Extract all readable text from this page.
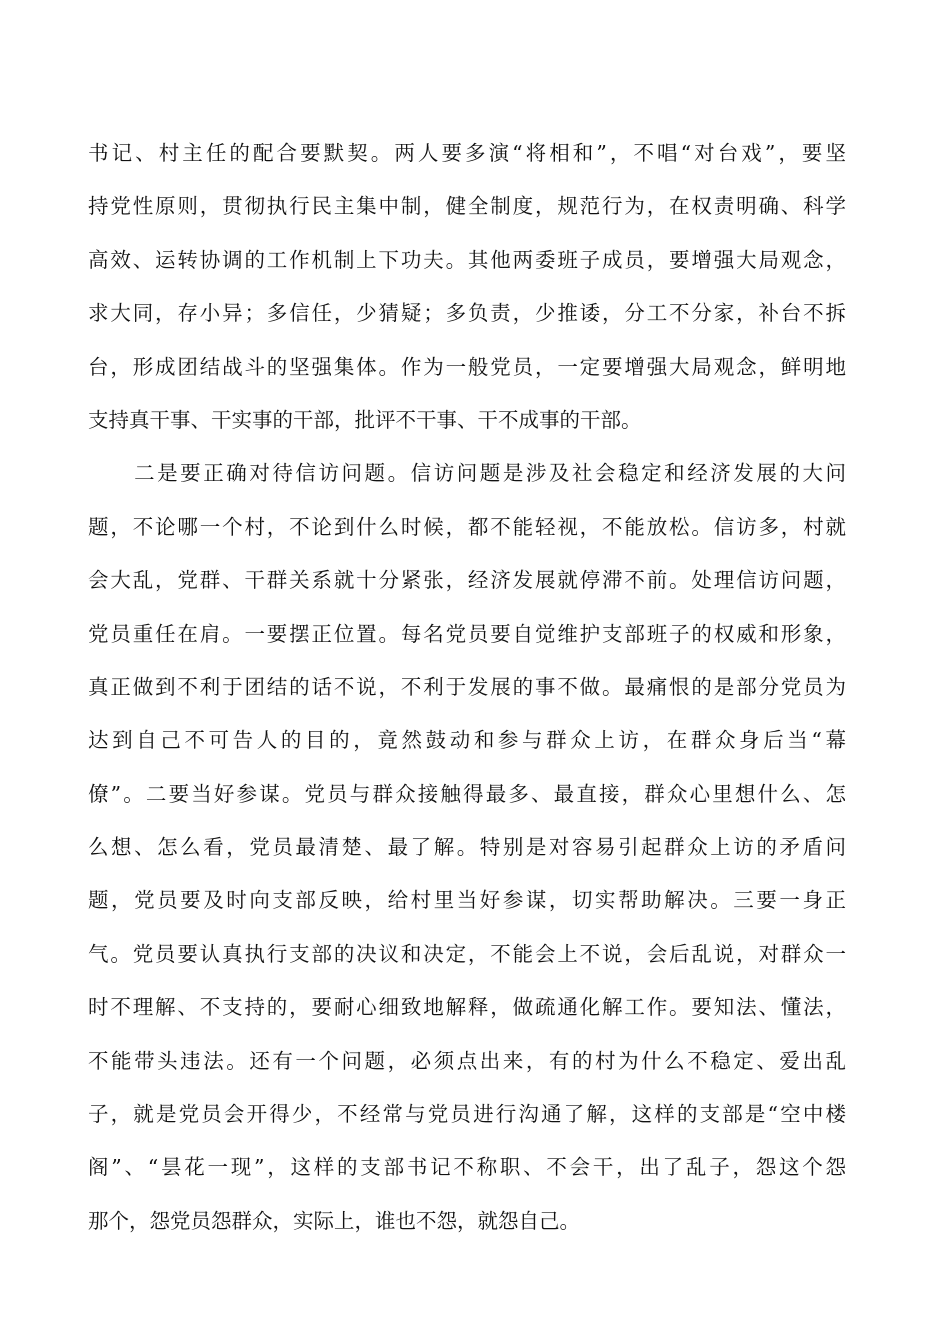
书记、村主任的配合要默契。两人要多演“将相和”，不唱“对台戏”，要坚
持党性原则，贯彻执行民主集中制，健全制度，规范行为，在权责明确、科学
高效、运转协调的工作机制上下功夫。其他两委班子成员，要增强大局观念，
求大同，存小异；多信任，少猜疑；多负责，少推诿，分工不分家，补台不拆
台，形成团结战斗的坚强集体。作为一般党员，一定要增强大局观念，鲜明地
支持真干事、干实事的干部，批评不干事、干不成事的干部。
　　二是要正确对待信访问题。信访问题是涉及社会稳定和经济发展的大问
题，不论哪一个村，不论到什么时候，都不能轻视，不能放松。信访多，村就
会大乱，党群、干群关系就十分紧张，经济发展就停滞不前。处理信访问题，
党员重任在肩。一要摆正位置。每名党员要自觉维护支部班子的权威和形象，
真正做到不利于团结的话不说，不利于发展的事不做。最痛恨的是部分党员为
达到自己不可告人的目的，竟然鼓动和参与群众上访，在群众身后当“幕
僚”。二要当好参谋。党员与群众接触得最多、最直接，群众心里想什么、怎
么想、怎么看，党员最清楚、最了解。特别是对容易引起群众上访的矛盾问
题，党员要及时向支部反映，给村里当好参谋，切实帮助解决。三要一身正
气。党员要认真执行支部的决议和决定，不能会上不说，会后乱说，对群众一
时不理解、不支持的，要耐心细致地解释，做疏通化解工作。要知法、懂法，
不能带头违法。还有一个问题，必须点出来，有的村为什么不稳定、爱出乱
子，就是党员会开得少，不经常与党员进行沟通了解，这样的支部是“空中楼
阁”、“昙花一现”，这样的支部书记不称职、不会干，出了乱子，怨这个怨
那个，怨党员怨群众，实际上，谁也不怨，就怨自己。
